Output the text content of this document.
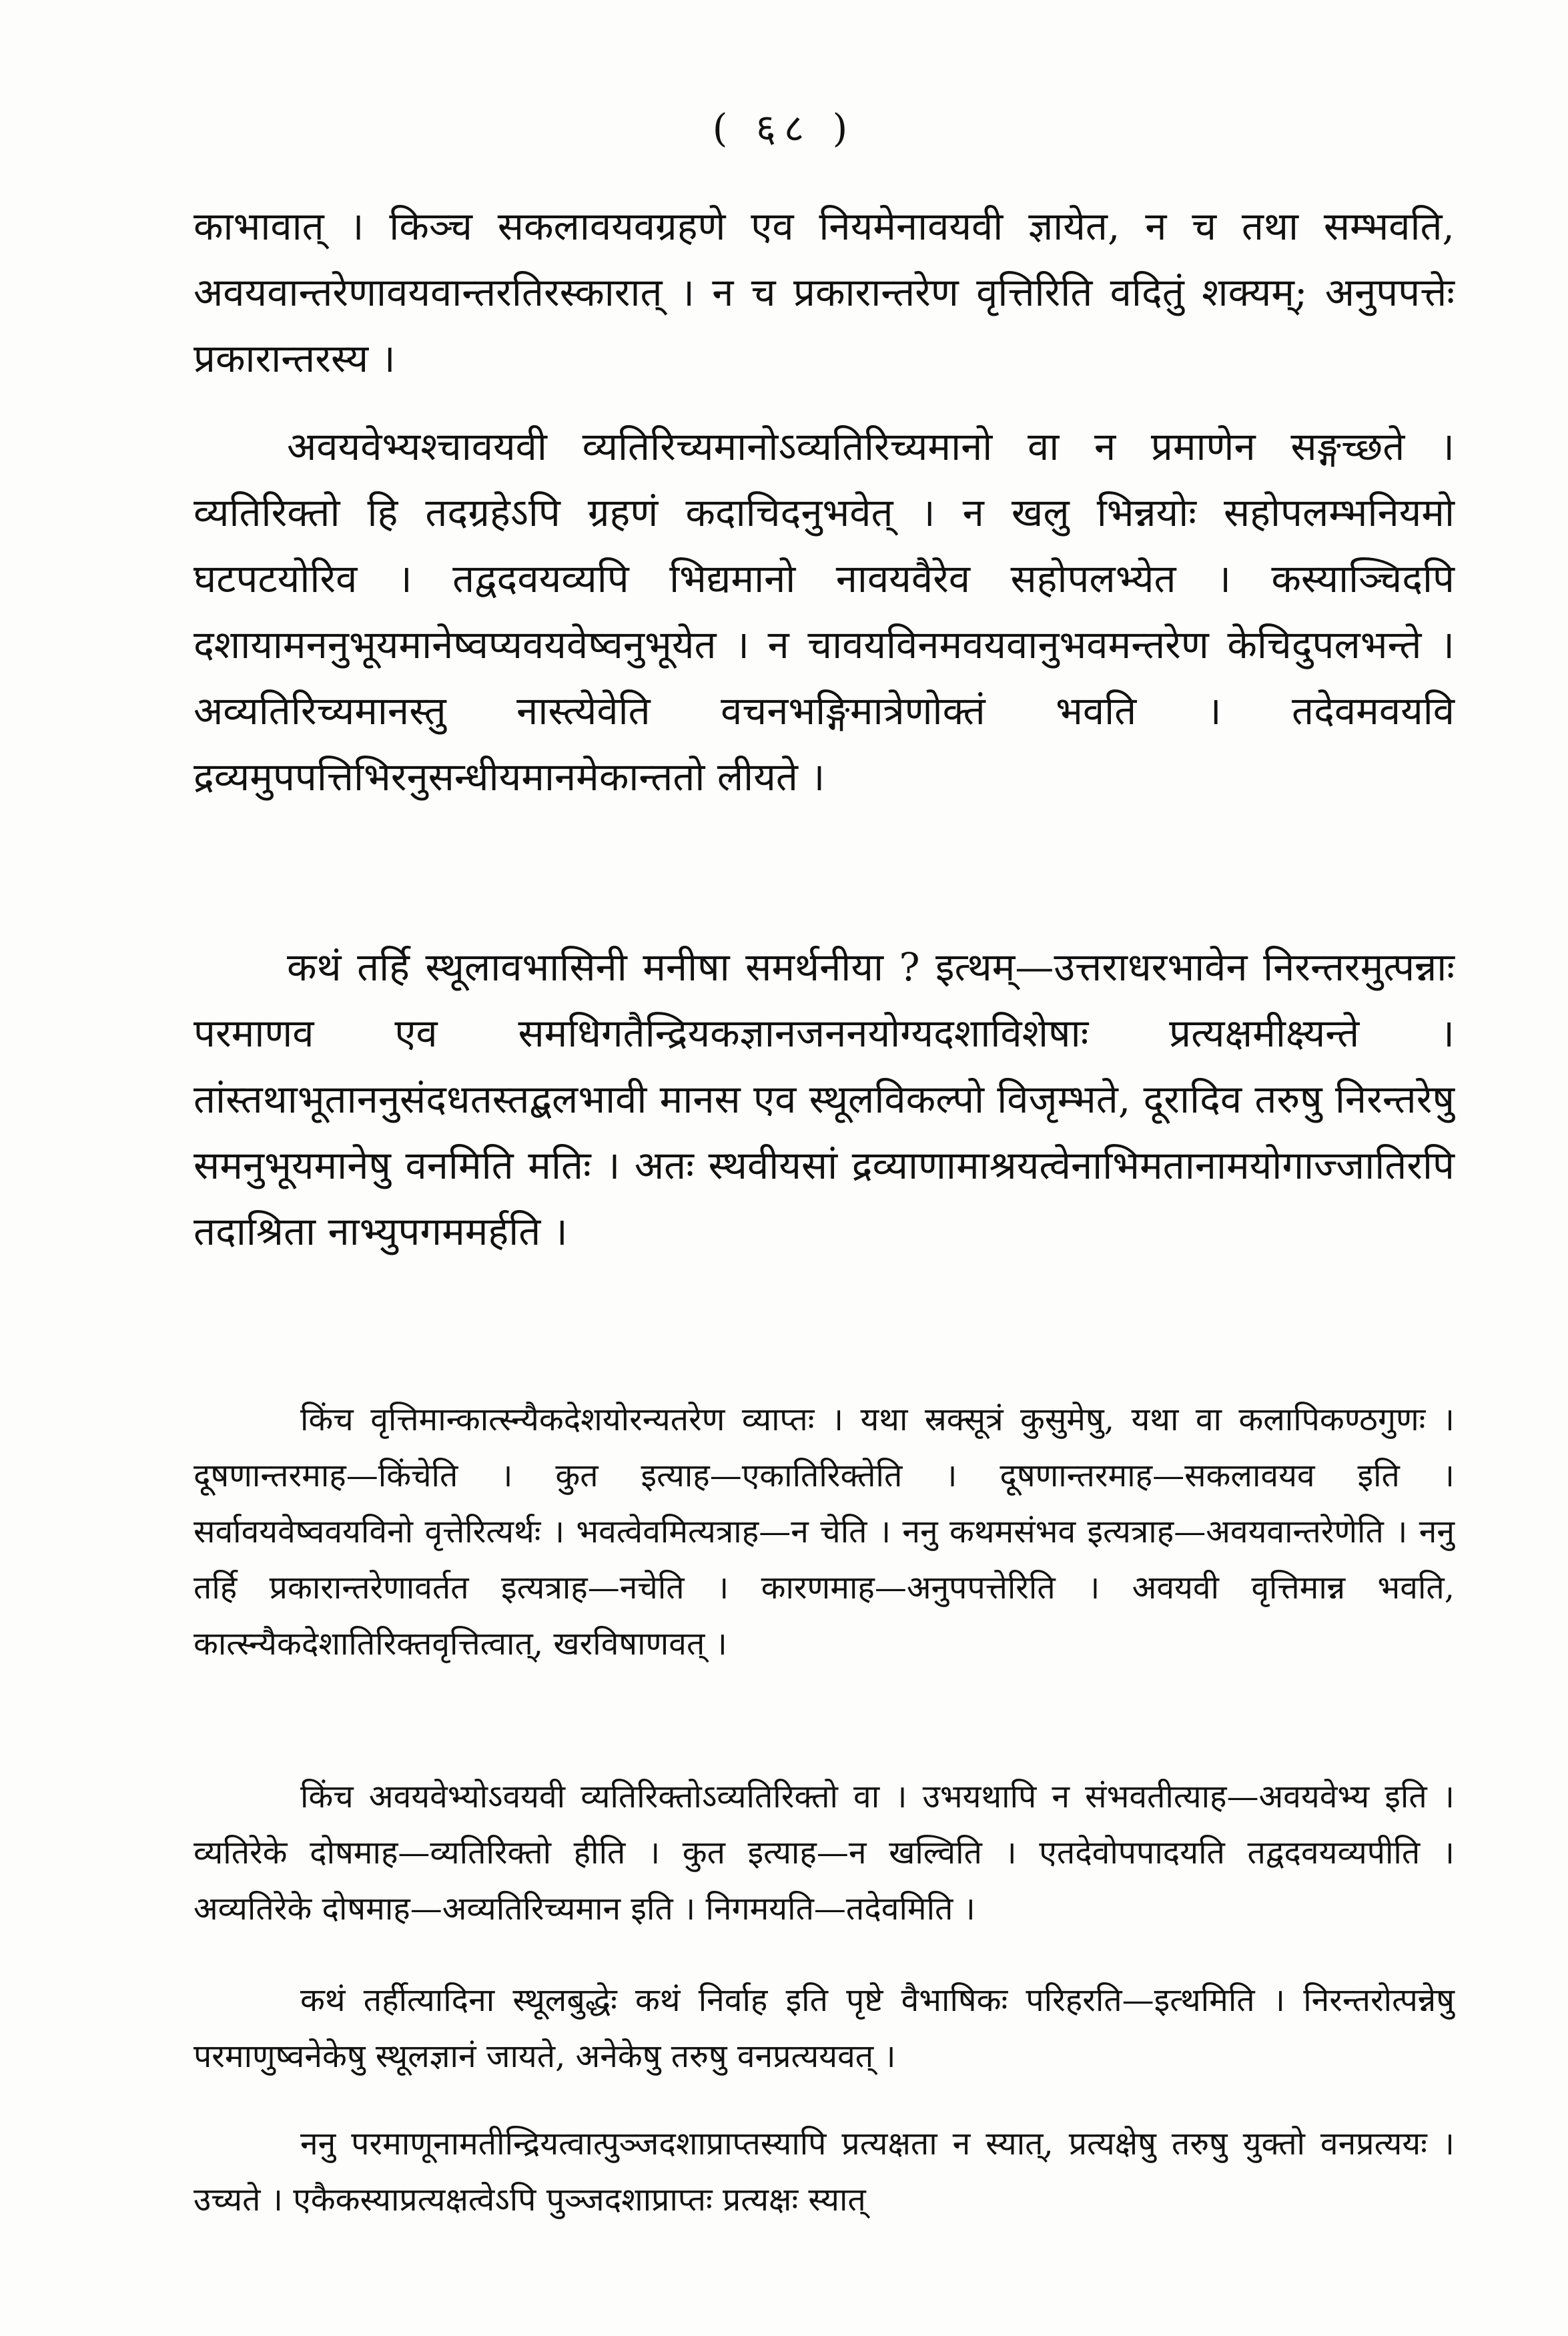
( ६८ )

काभावात् । किञ्च सकलावयवग्रहणे एव नियमेनावयवी ज्ञायेत, न च तथा सम्भवति, अवयवान्तरेणावयवान्तरतिरस्कारात् । न च प्रकारान्तरेण वृत्तिरिति वदितुं शक्यम्; अनुपपत्तेः प्रकारान्तरस्य ।

अवयवेभ्यश्चावयवी व्यतिरिच्यमानोऽव्यतिरिच्यमानो वा न प्रमाणेन सङ्गच्छते । व्यतिरिक्तो हि तदग्रहेऽपि ग्रहणं कदाचिदनुभवेत् । न खलु भिन्नयोः सहोपलम्भनियमो घटपटयोरिव । तद्वदवयव्यपि भिद्यमानो नावयवैरेव सहोपलभ्येत । कस्याञ्चिदपि दशायामननुभूयमानेष्वप्यवयवेष्वनुभूयेत । न चावयविनमवयवानुभवमन्तरेण केचिदुपलभन्ते । अव्यतिरिच्यमानस्तु नास्त्येवेति वचनभङ्गिमात्रेणोक्तं भवति । तदेवमवयवि द्रव्यमुपपत्तिभिरनुसन्धीयमानमेकान्ततो लीयते ।

कथं तर्हि स्थूलावभासिनी मनीषा समर्थनीया ? इत्थम्—उत्तराधरभावेन निरन्तरमुत्पन्नाः परमाणव एव समधिगतैन्द्रियकज्ञानजननयोग्यदशाविशेषाः प्रत्यक्षमीक्ष्यन्ते । तांस्तथाभूताननुसंदधतस्तद्बलभावी मानस एव स्थूलविकल्पो विजृम्भते, दूरादिव तरुषु निरन्तरेषु समनुभूयमानेषु वनमिति मतिः । अतः स्थवीयसां द्रव्याणामाश्रयत्वेनाभिमतानामयोगाज्जातिरपि तदाश्रिता नाभ्युपगममर्हति ।

किंच वृत्तिमान्कात्स्न्यैकदेशयोरन्यतरेण व्याप्तः । यथा स्रक्सूत्रं कुसुमेषु, यथा वा कलापिकण्ठगुणः । दूषणान्तरमाह—किंचेति । कुत इत्याह—एकातिरिक्तेति । दूषणान्तरमाह—सकलावयव इति । सर्वावयवेष्ववयविनो वृत्तेरित्यर्थः । भवत्वेवमित्यत्राह—न चेति । ननु कथमसंभव इत्यत्राह—अवयवान्तरेणेति । ननु तर्हि प्रकारान्तरेणावर्तत इत्यत्राह—नचेति । कारणमाह—अनुपपत्तेरिति । अवयवी वृत्तिमान्न भवति, कात्स्न्यैकदेशातिरिक्तवृत्तित्वात्, खरविषाणवत् ।

किंच अवयवेभ्योऽवयवी व्यतिरिक्तोऽव्यतिरिक्तो वा । उभयथापि न संभवतीत्याह—अवयवेभ्य इति । व्यतिरेके दोषमाह—व्यतिरिक्तो हीति । कुत इत्याह—न खल्विति । एतदेवोपपादयति तद्वदवयव्यपीति । अव्यतिरेके दोषमाह—अव्यतिरिच्यमान इति । निगमयति—तदेवमिति ।

कथं तर्हीत्यादिना स्थूलबुद्धेः कथं निर्वाह इति पृष्टे वैभाषिकः परिहरति—इत्थमिति । निरन्तरोत्पन्नेषु परमाणुष्वनेकेषु स्थूलज्ञानं जायते, अनेकेषु तरुषु वनप्रत्ययवत् ।

ननु परमाणूनामतीन्द्रियत्वात्पुञ्जदशाप्राप्तस्यापि प्रत्यक्षता न स्यात्, प्रत्यक्षेषु तरुषु युक्तो वनप्रत्ययः । उच्यते । एकैकस्याप्रत्यक्षत्वेऽपि पुञ्जदशाप्राप्तः प्रत्यक्षः स्यात्
